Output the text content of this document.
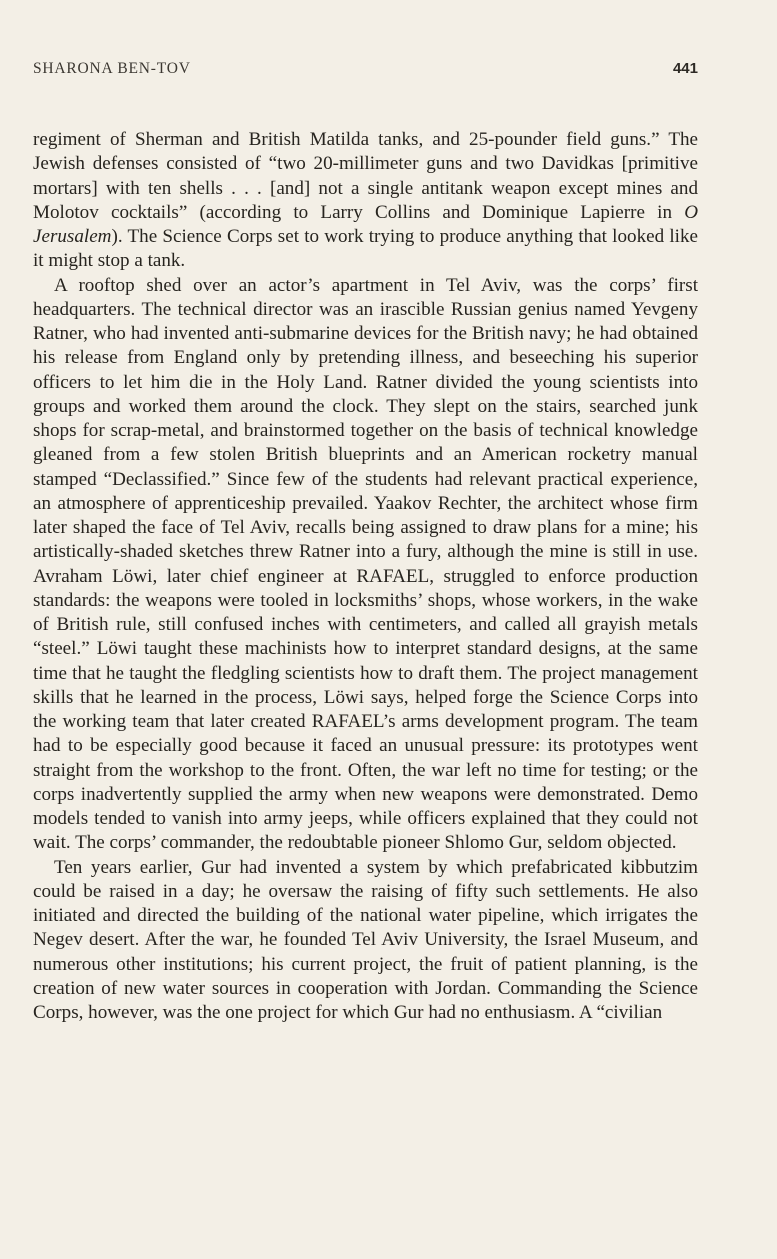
SHARONA BEN-TOV	441

regiment of Sherman and British Matilda tanks, and 25-pounder field guns.” The Jewish defenses consisted of “two 20-millimeter guns and two Davidkas [primitive mortars] with ten shells . . . [and] not a single antitank weapon except mines and Molotov cocktails” (according to Larry Collins and Dominique Lapierre in O Jerusalem). The Science Corps set to work trying to produce anything that looked like it might stop a tank.

A rooftop shed over an actor’s apartment in Tel Aviv, was the corps’ first headquarters. The technical director was an irascible Russian genius named Yevgeny Ratner, who had invented anti-submarine devices for the British navy; he had obtained his release from England only by pretending illness, and beseeching his superior officers to let him die in the Holy Land. Ratner divided the young scientists into groups and worked them around the clock. They slept on the stairs, searched junk shops for scrap-metal, and brainstormed together on the basis of technical knowledge gleaned from a few stolen British blueprints and an American rocketry manual stamped “Declassified.” Since few of the students had relevant practical experience, an atmosphere of apprenticeship prevailed. Yaakov Rechter, the architect whose firm later shaped the face of Tel Aviv, recalls being assigned to draw plans for a mine; his artistically-shaded sketches threw Ratner into a fury, although the mine is still in use. Avraham Löwi, later chief engineer at RAFAEL, struggled to enforce production standards: the weapons were tooled in locksmiths’ shops, whose workers, in the wake of British rule, still confused inches with centimeters, and called all grayish metals “steel.” Löwi taught these machinists how to interpret standard designs, at the same time that he taught the fledgling scientists how to draft them. The project management skills that he learned in the process, Löwi says, helped forge the Science Corps into the working team that later created RAFAEL’s arms development program. The team had to be especially good because it faced an unusual pressure: its prototypes went straight from the workshop to the front. Often, the war left no time for testing; or the corps inadvertently supplied the army when new weapons were demonstrated. Demo models tended to vanish into army jeeps, while officers explained that they could not wait. The corps’ commander, the redoubtable pioneer Shlomo Gur, seldom objected.

Ten years earlier, Gur had invented a system by which prefabricated kibbutzim could be raised in a day; he oversaw the raising of fifty such settlements. He also initiated and directed the building of the national water pipeline, which irrigates the Negev desert. After the war, he founded Tel Aviv University, the Israel Museum, and numerous other institutions; his current project, the fruit of patient planning, is the creation of new water sources in cooperation with Jordan. Commanding the Science Corps, however, was the one project for which Gur had no enthusiasm. A “civilian
